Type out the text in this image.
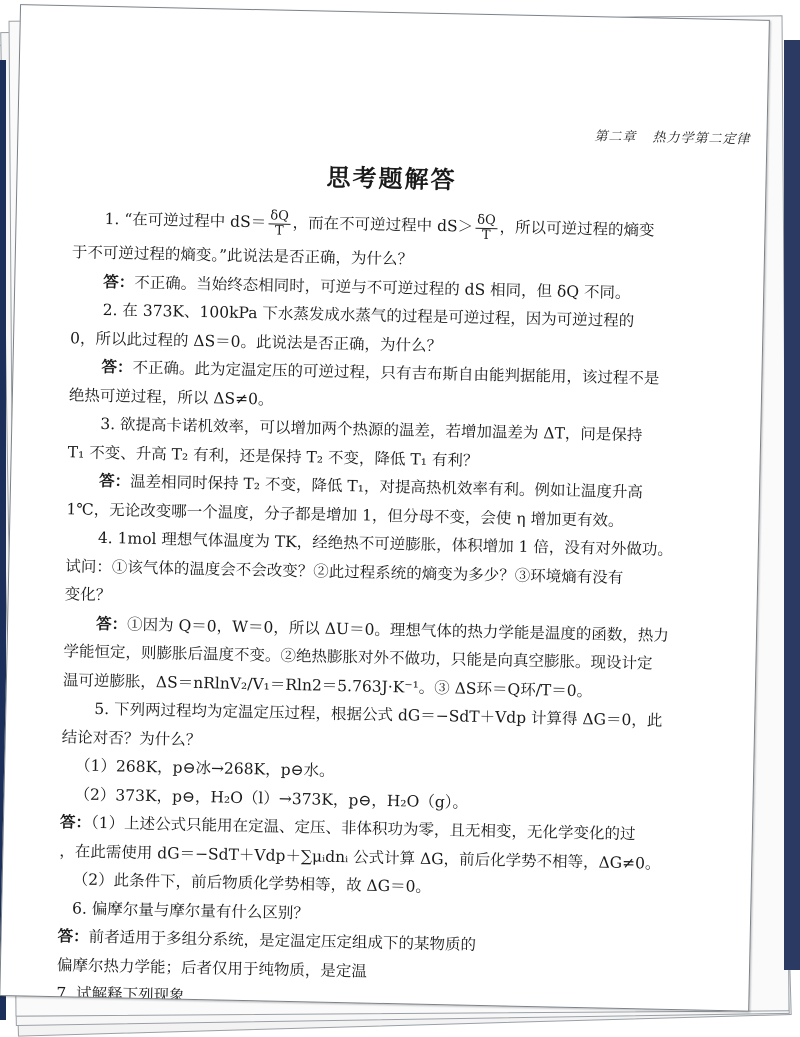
第二章 热力学第二定律
思考题解答
1. “在可逆过程中 $dS= \frac{\delta Q}{T}$ ，而在不可逆过程中 $dS> \frac{\delta Q}{T}$ ，所以可逆过程的熵变
于不可逆过程的熵变。”此说法是否正确，为什么？
答：不正确。当始终态相同时，可逆与不可逆过程的 dS 相同，但 δQ 不同。
2. 在 373K、100kPa 下水蒸发成水蒸气的过程是可逆过程，因为可逆过程的
0，所以此过程的 ΔS＝0。此说法是否正确，为什么？
答：不正确。此为定温定压的可逆过程，只有吉布斯自由能判据能用，该过程不是
绝热可逆过程，所以 ΔS≠0。
3. 欲提高卡诺机效率，可以增加两个热源的温差，若增加温差为 ΔT，问是保持
T₁ 不变、升高 T₂ 有利，还是保持 T₂ 不变，降低 T₁ 有利？
答：温差相同时保持 T₂ 不变，降低 T₁，对提高热机效率有利。例如让温度升高
1℃，无论改变哪一个温度，分子都是增加 1，但分母不变，会使 η 增加更有效。
4. 1mol 理想气体温度为 TK，经绝热不可逆膨胀，体积增加 1 倍，没有对外做功。
试问：①该气体的温度会不会改变？②此过程系统的熵变为多少？③环境熵有没有
变化？
答：①因为 Q＝0，W＝0，所以 ΔU＝0。理想气体的热力学能是温度的函数，热力
学能恒定，则膨胀后温度不变。②绝热膨胀对外不做功，只能是向真空膨胀。现设计定
温可逆膨胀，ΔS＝nRlnV₂/V₁＝Rln2＝5.763J·K⁻¹。③ ΔS环＝Q环/T＝0。
5. 下列两过程均为定温定压过程，根据公式 dG＝−SdT＋Vdp 计算得 ΔG＝0，此
结论对否？为什么？
（1）268K，p⊖冰→268K，p⊖水。
（2）373K，p⊖，H₂O（l）→373K，p⊖，H₂O（g）。
答：（1）上述公式只能用在定温、定压、非体积功为零，且无相变，无化学变化的过
，在此需使用 dG＝−SdT＋Vdp＋∑μᵢdnᵢ 公式计算 ΔG，前后化学势不相等，ΔG≠0。
（2）此条件下，前后物质化学势相等，故 ΔG＝0。
6. 偏摩尔量与摩尔量有什么区别？
答：前者适用于多组分系统，是定温定压定组成下的某物质的
偏摩尔热力学能；后者仅用于纯物质，是定温
7. 试解释下列现象
